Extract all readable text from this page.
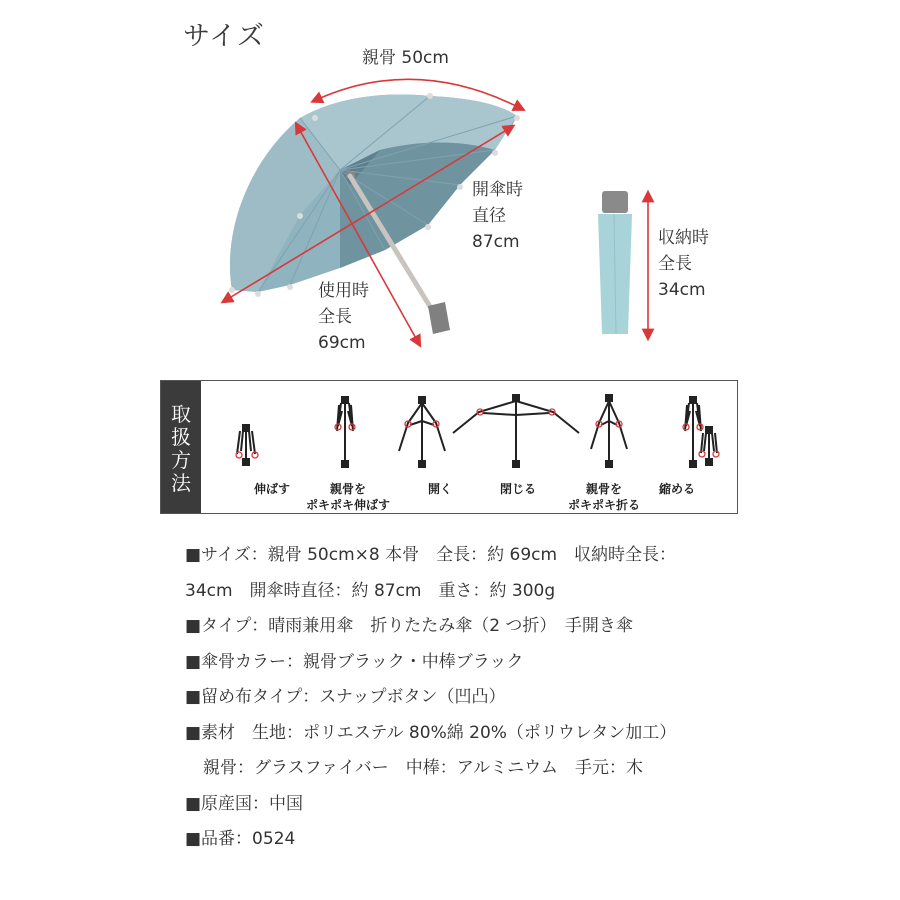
サイズ
親骨 50cm
開傘時
直径
87cm
使用時
全長
69cm
収納時
全長
34cm
取扱方法	伸ばす	親骨を
ポキポキ伸ばす
開く	閉じる	親骨を
ポキポキ折る
縮める
■サイズ：親骨 50cm×8 本骨　全長：約 69cm　収納時全長：
34cm　開傘時直径：約 87cm　重さ：約 300g
■タイプ：晴雨兼用傘　折りたたみ傘（2 つ折）　手開き傘
■傘骨カラー：親骨ブラック・中棒ブラック
■留め布タイプ：スナップボタン（凹凸）
■素材　生地：ポリエステル 80%綿 20%（ポリウレタン加工）
親骨：グラスファイバー　中棒：アルミニウム　手元：木
■原産国：中国
■品番：0524
